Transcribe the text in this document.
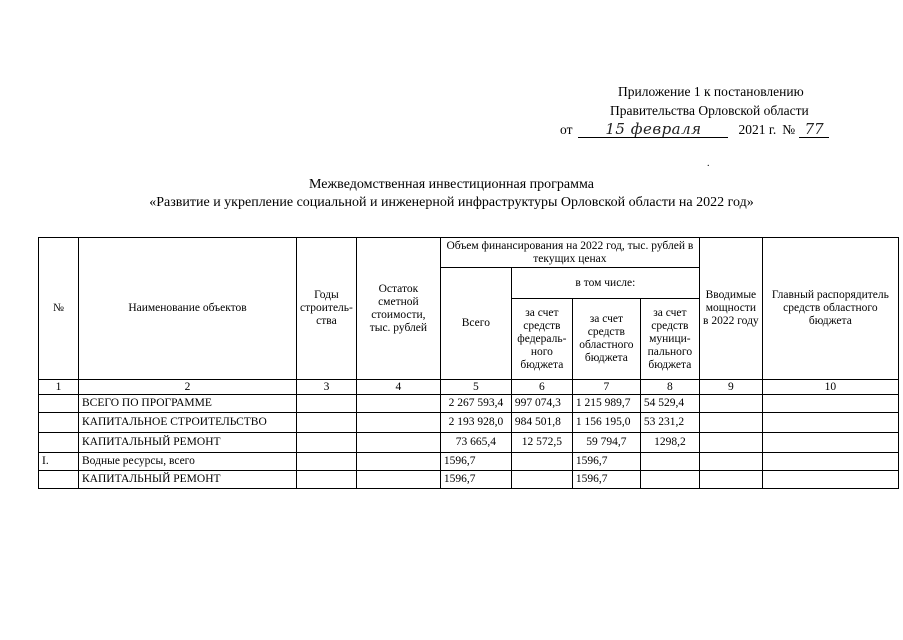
Приложение 1 к постановлению
Правительства Орловской области
от	15 февраля	2021 г. № 77
.
Межведомственная инвестиционная программа
«Развитие и укрепление социальной и инженерной инфраструктуры Орловской области на 2022 год»
№	Наименование объектов	Годы строитель-ства	Остаток сметной стоимости, тыс. рублей	Объем финансирования на 2022 год, тыс. рублей в текущих ценах				Вводимые мощности в 2022 году	Главный распорядитель средств областного бюджета
				Всего	в том числе:				
					за счет средств федераль-ного бюджета	за счет средств областного бюджета	за счет средств муници-пального бюджета		
1	2	3	4	5	6	7	8	9	10
	ВСЕГО ПО ПРОГРАММЕ			2 267 593,4	997 074,3	1 215 989,7	54 529,4		
	КАПИТАЛЬНОЕ СТРОИТЕЛЬСТВО			2 193 928,0	984 501,8	1 156 195,0	53 231,2		
	КАПИТАЛЬНЫЙ РЕМОНТ			73 665,4	12 572,5	59 794,7	1298,2		
I.	Водные ресурсы, всего			1596,7		1596,7			
	КАПИТАЛЬНЫЙ РЕМОНТ			1596,7		1596,7			
